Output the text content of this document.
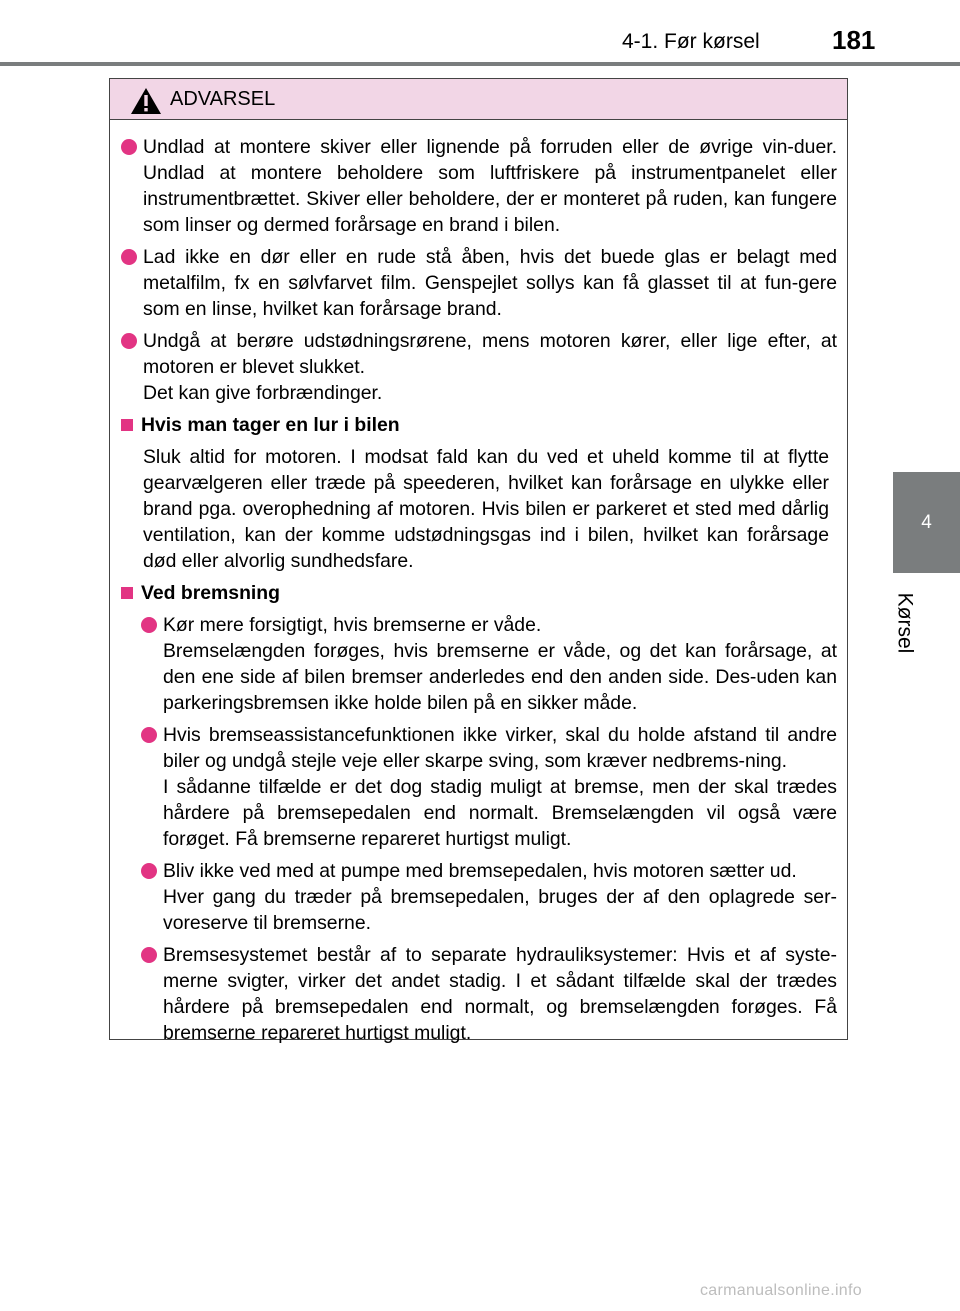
4-1. Før kørsel	181
4
Kørsel
ADVARSEL

Undlad at montere skiver eller lignende på forruden eller de øvrige vin-duer. Undlad at montere beholdere som luftfriskere på instrumentpanelet eller instrumentbrættet. Skiver eller beholdere, der er monteret på ruden, kan fungere som linser og dermed forårsage en brand i bilen.

Lad ikke en dør eller en rude stå åben, hvis det buede glas er belagt med metalfilm, fx en sølvfarvet film. Genspejlet sollys kan få glasset til at fun-gere som en linse, hvilket kan forårsage brand.

Undgå at berøre udstødningsrørene, mens motoren kører, eller lige efter, at motoren er blevet slukket.
Det kan give forbrændinger.

Hvis man tager en lur i bilen

Sluk altid for motoren. I modsat fald kan du ved et uheld komme til at flytte gearvælgeren eller træde på speederen, hvilket kan forårsage en ulykke eller brand pga. overophedning af motoren. Hvis bilen er parkeret et sted med dårlig ventilation, kan der komme udstødningsgas ind i bilen, hvilket kan forårsage død eller alvorlig sundhedsfare.

Ved bremsning

Kør mere forsigtigt, hvis bremserne er våde.
Bremselængden forøges, hvis bremserne er våde, og det kan forårsage, at den ene side af bilen bremser anderledes end den anden side. Des-uden kan parkeringsbremsen ikke holde bilen på en sikker måde.

Hvis bremseassistancefunktionen ikke virker, skal du holde afstand til andre biler og undgå stejle veje eller skarpe sving, som kræver nedbrems-ning.
I sådanne tilfælde er det dog stadig muligt at bremse, men der skal trædes hårdere på bremsepedalen end normalt. Bremselængden vil også være forøget. Få bremserne repareret hurtigst muligt.

Bliv ikke ved med at pumpe med bremsepedalen, hvis motoren sætter ud.
Hver gang du træder på bremsepedalen, bruges der af den oplagrede ser-voreserve til bremserne.

Bremsesystemet består af to separate hydrauliksystemer: Hvis et af syste-merne svigter, virker det andet stadig. I et sådant tilfælde skal der trædes hårdere på bremsepedalen end normalt, og bremselængden forøges. Få bremserne repareret hurtigst muligt.

carmanualsonline.info
